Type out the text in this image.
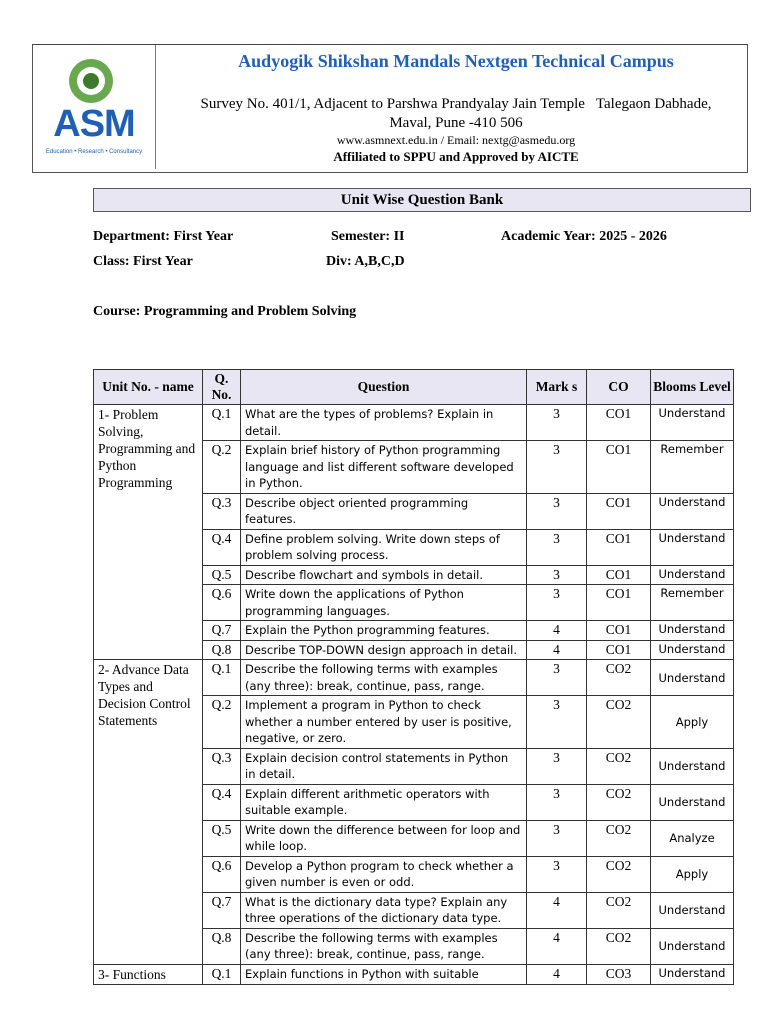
ASM
Education • Research • Consultancy
Audyogik Shikshan Mandals Nextgen Technical Campus
Survey No. 401/1, Adjacent to Parshwa Prandyalay Jain Temple   Talegaon Dabhade,
Maval, Pune -410 506
www.asmnext.edu.in / Email: nextg@asmedu.org
Affiliated to SPPU and Approved by AICTE
Unit Wise Question Bank
Department: First Year	Semester: II	Academic Year: 2025 - 2026
Class: First Year	Div: A,B,C,D
Course: Programming and Problem Solving
Unit No. - name	Q. No.	Question	Mark s	CO	Blooms Level
1- Problem Solving, Programming and Python Programming	Q.1	What are the types of problems? Explain in detail.	3	CO1	Understand
	Q.2	Explain brief history of Python programming language and list different software developed in Python.	3	CO1	Remember
	Q.3	Describe object oriented programming features.	3	CO1	Understand
	Q.4	Define problem solving. Write down steps of problem solving process.	3	CO1	Understand
	Q.5	Describe flowchart and symbols in detail.	3	CO1	Understand
	Q.6	Write down the applications of Python programming languages.	3	CO1	Remember
	Q.7	Explain the Python programming features.	4	CO1	Understand
	Q.8	Describe TOP-DOWN design approach in detail.	4	CO1	Understand
2- Advance Data Types and Decision Control Statements	Q.1	Describe the following terms with examples (any three): break, continue, pass, range.	3	CO2	Understand
	Q.2	Implement a program in Python to check whether a number entered by user is positive, negative, or zero.	3	CO2	Apply
	Q.3	Explain decision control statements in Python in detail.	3	CO2	Understand
	Q.4	Explain different arithmetic operators with suitable example.	3	CO2	Understand
	Q.5	Write down the difference between for loop and while loop.	3	CO2	Analyze
	Q.6	Develop a Python program to check whether a given number is even or odd.	3	CO2	Apply
	Q.7	What is the dictionary data type? Explain any three operations of the dictionary data type.	4	CO2	Understand
	Q.8	Describe the following terms with examples (any three): break, continue, pass, range.	4	CO2	Understand
3- Functions	Q.1	Explain functions in Python with suitable	4	CO3	Understand
